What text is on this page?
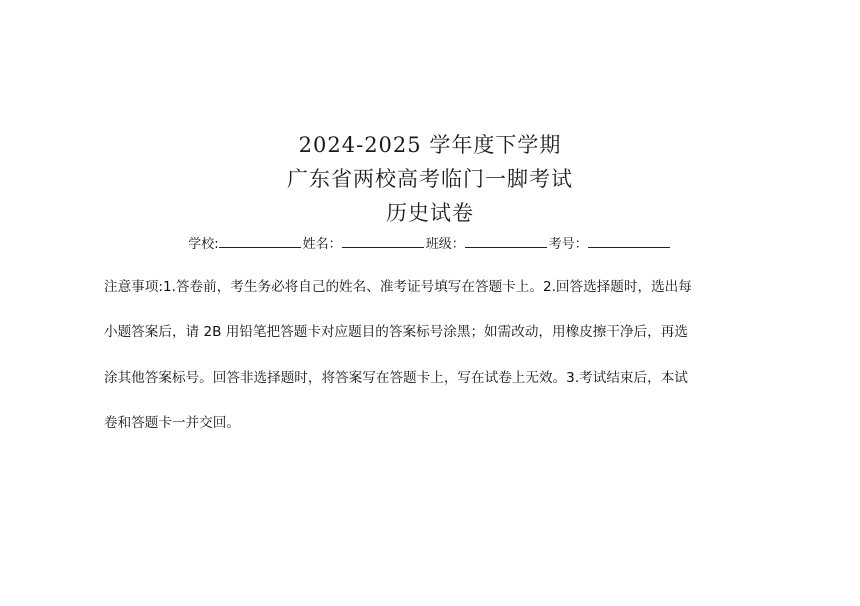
2024-2025 学年度下学期
广东省两校高考临门一脚考试
历史试卷
学校:	姓名：	班级：	考号：
注意事项:1.答卷前，考生务必将自己的姓名、准考证号填写在答题卡上。2.回答选择题时，选出每
小题答案后，请 2B 用铅笔把答题卡对应题目的答案标号涂黑；如需改动，用橡皮擦干净后，再选
涂其他答案标号。回答非选择题时，将答案写在答题卡上，写在试卷上无效。3.考试结束后，本试
卷和答题卡一并交回。
